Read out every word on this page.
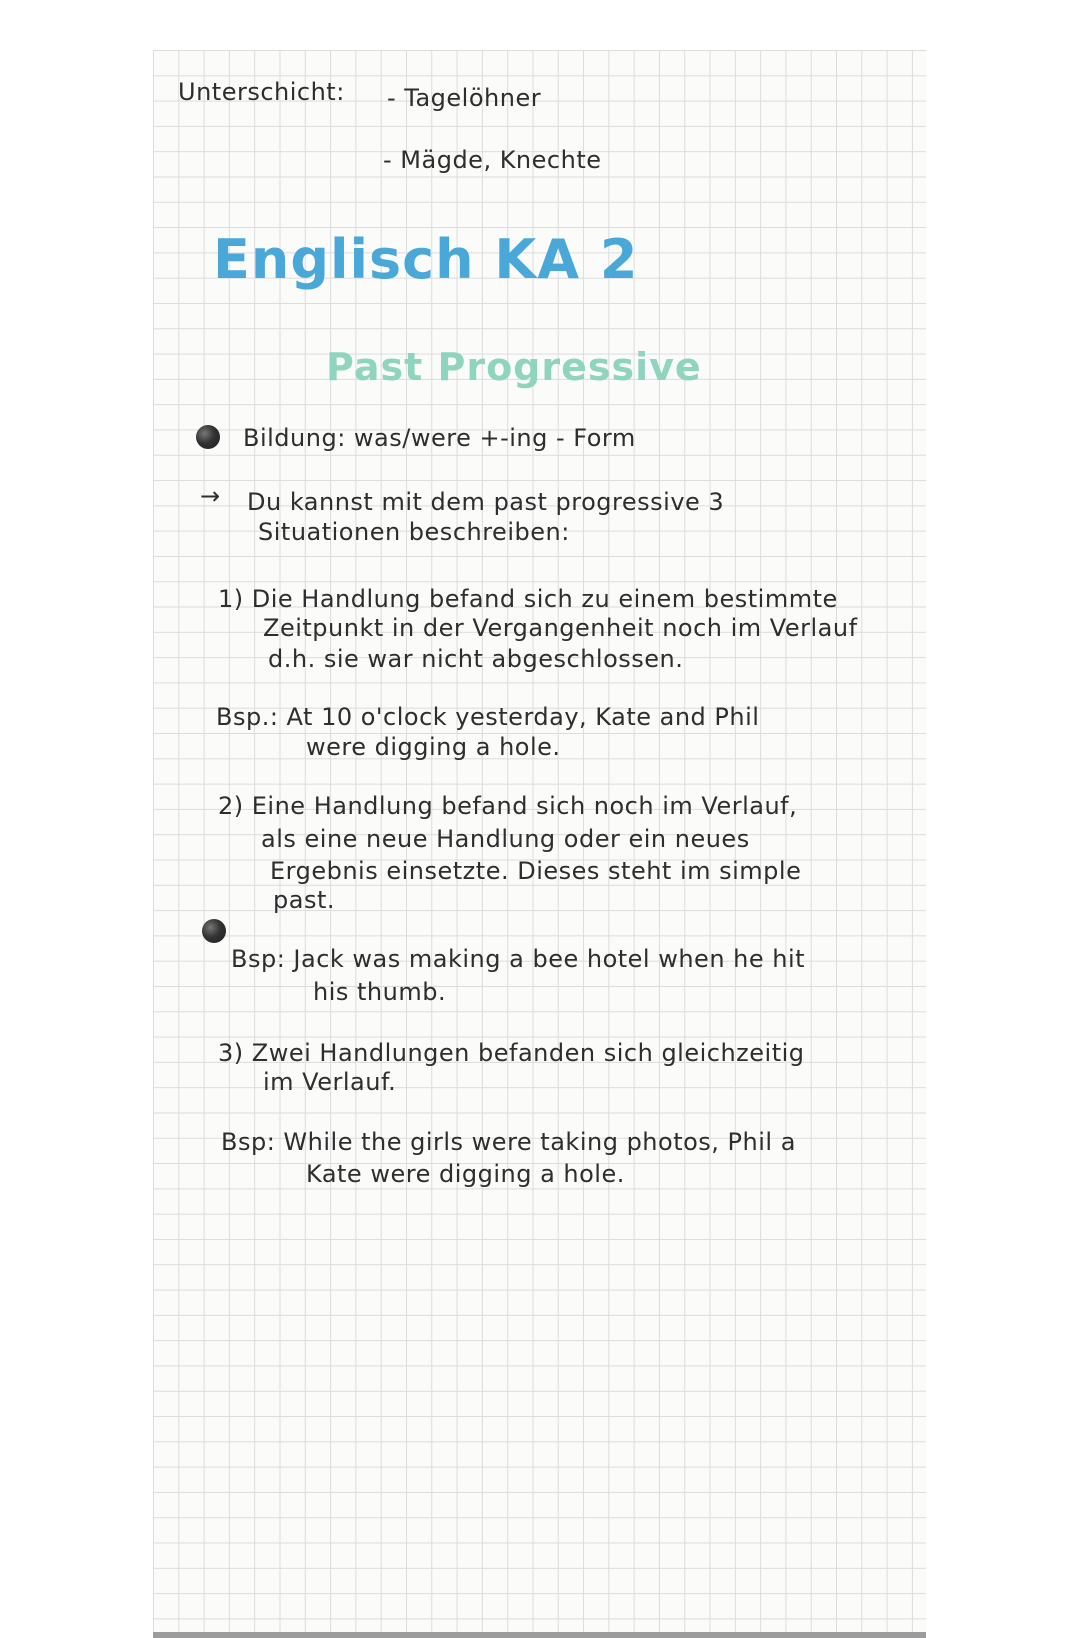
Unterschicht: - Tagelöhner
- Mägde, Knechte
Englisch KA 2
Past Progressive
Bildung: was/were +-ing - Form
→ Du kannst mit dem past progressive 3
Situationen beschreiben:
1) Die Handlung befand sich zu einem bestimmte
Zeitpunkt in der Vergangenheit noch im Verlauf
d.h. sie war nicht abgeschlossen.
Bsp.: At 10 o'clock yesterday, Kate and Phil
were digging a hole.
2) Eine Handlung befand sich noch im Verlauf,
als eine neue Handlung oder ein neues
Ergebnis einsetzte. Dieses steht im simple
past.
Bsp: Jack was making a bee hotel when he hit
his thumb.
3) Zwei Handlungen befanden sich gleichzeitig
im Verlauf.
Bsp: While the girls were taking photos, Phil a
Kate were digging a hole.
